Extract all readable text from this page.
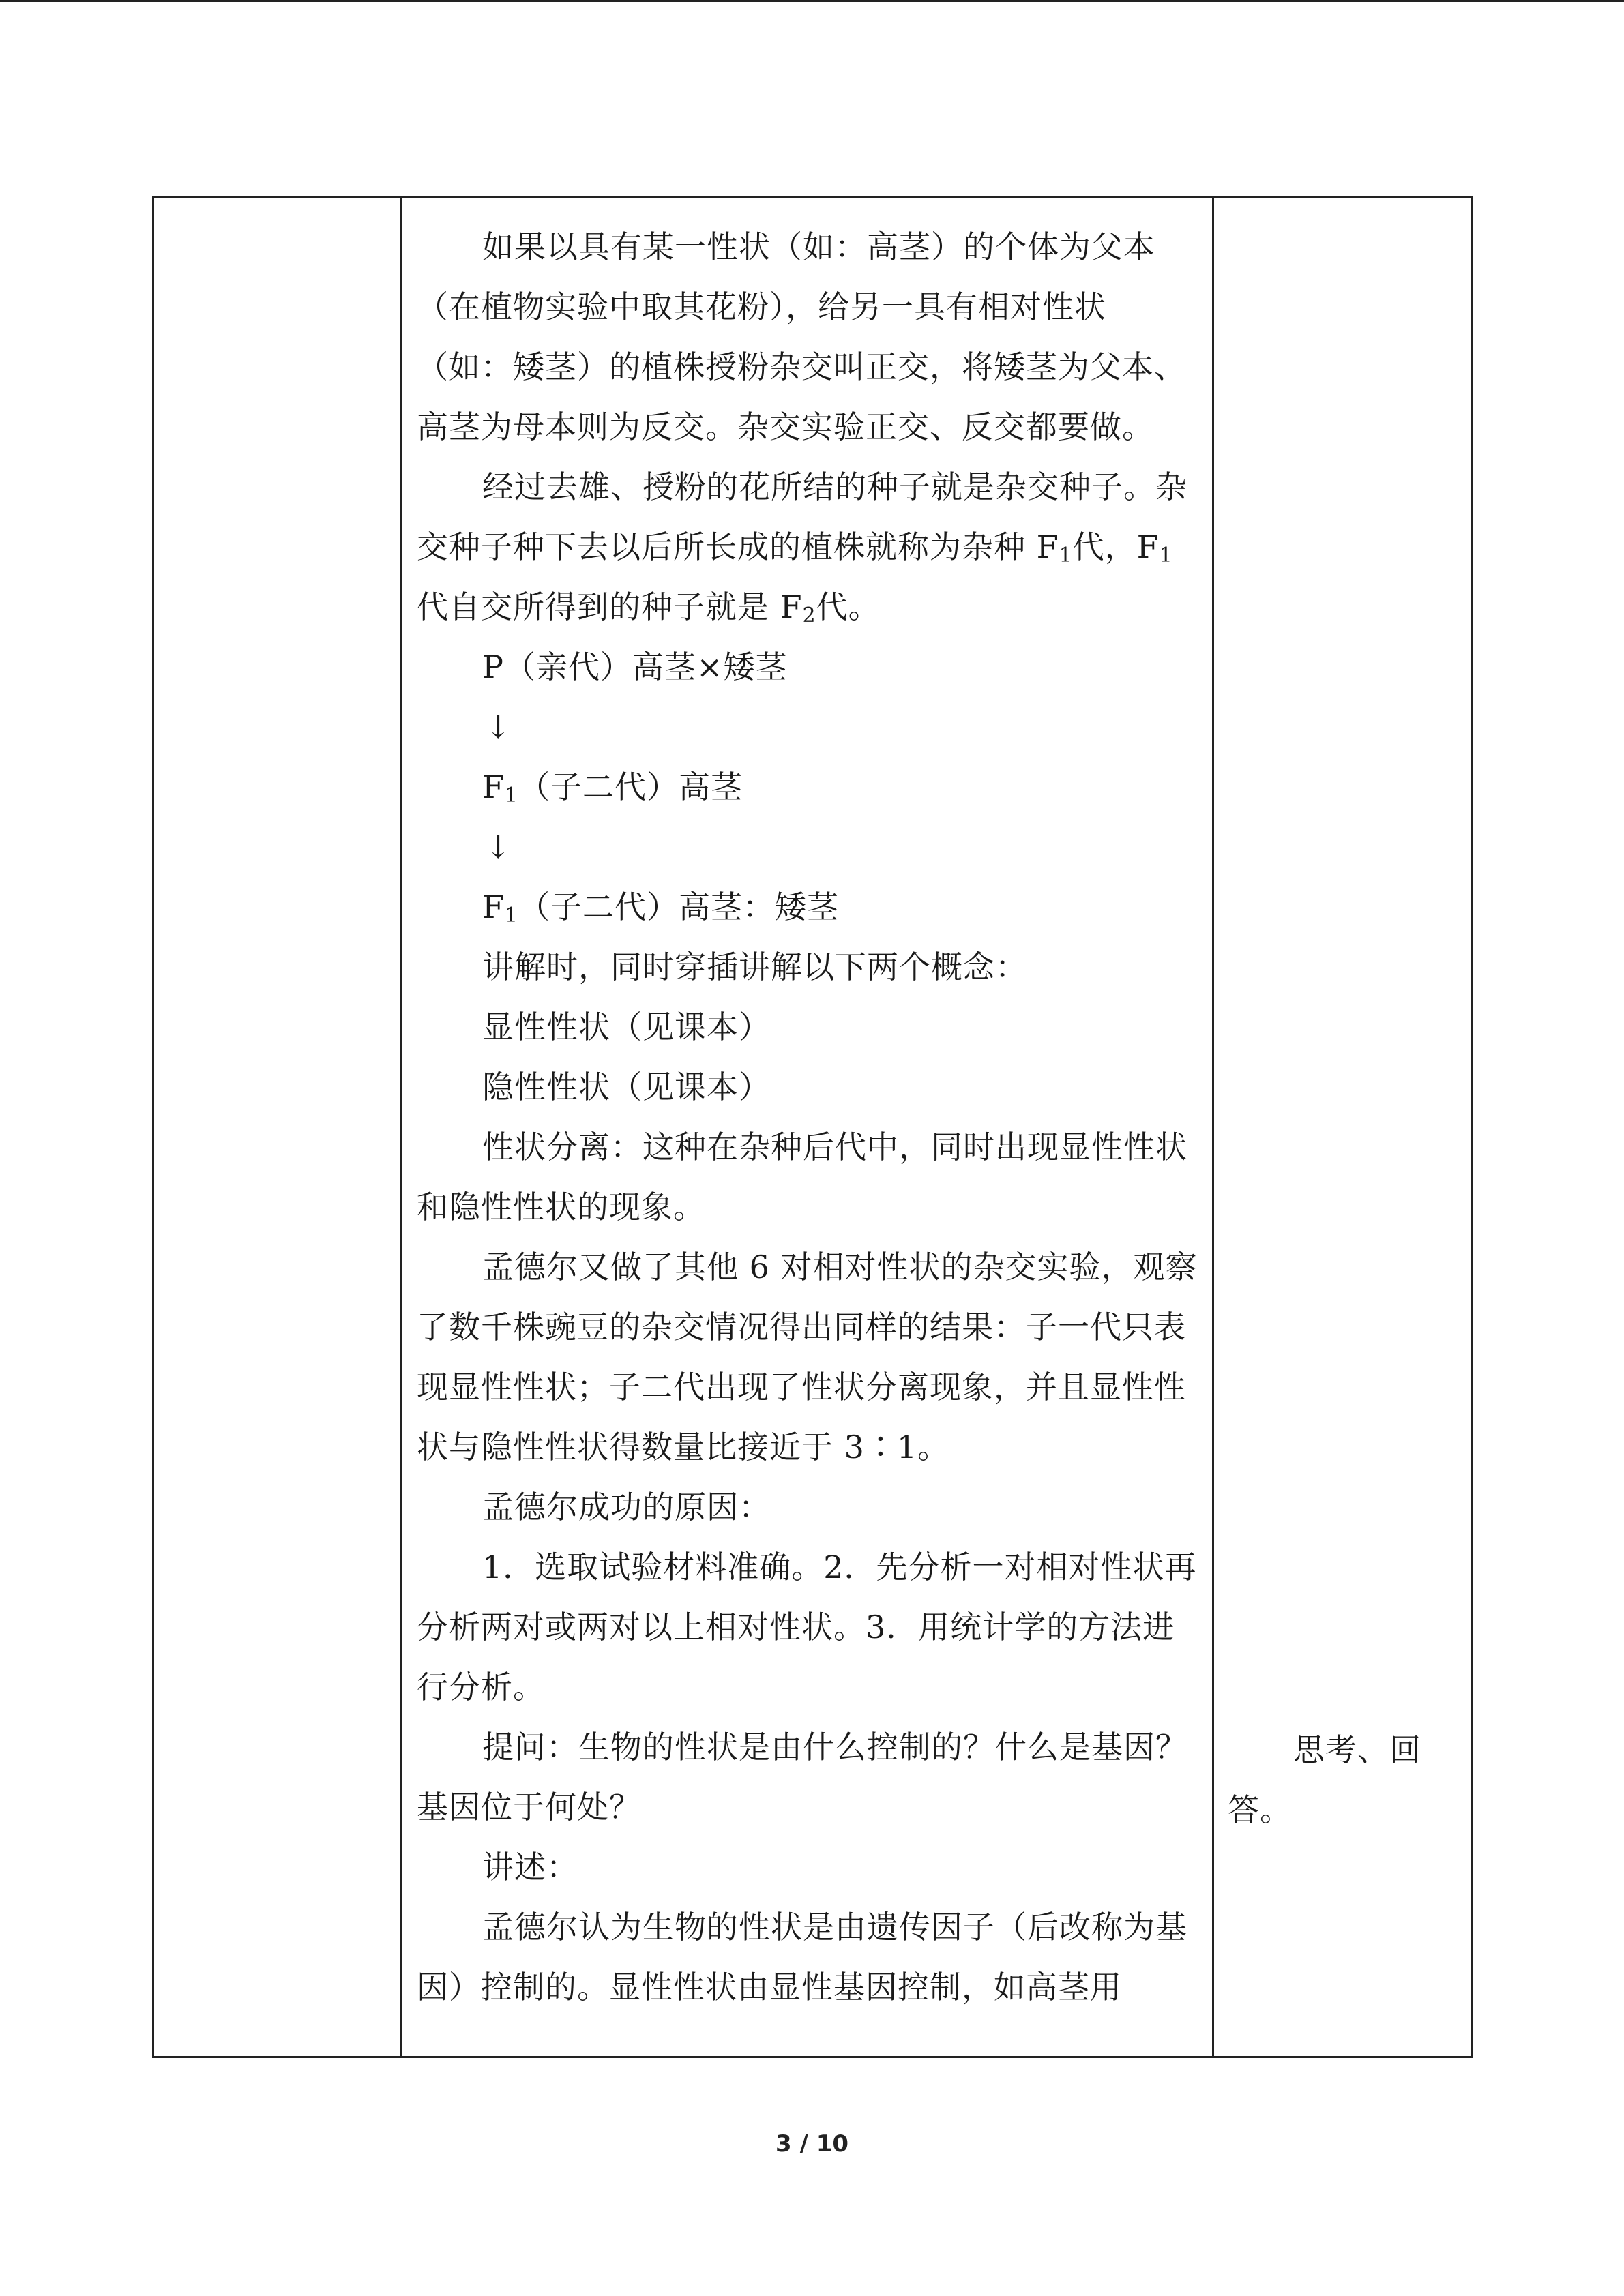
如果以具有某一性状（如：高茎）的个体为父本（在植物实验中取其花粉），给另一具有相对性状（如：矮茎）的植株授粉杂交叫正交，将矮茎为父本、高茎为母本则为反交。杂交实验正交、反交都要做。

经过去雄、授粉的花所结的种子就是杂交种子。杂交种子种下去以后所长成的植株就称为杂种 $F_1$代，$F_1$代自交所得到的种子就是 $F_2$代。

P（亲代）高茎×矮茎

↓

$F_1$（子二代）高茎

↓

$F_1$（子二代）高茎：矮茎

讲解时，同时穿插讲解以下两个概念：

显性性状（见课本）

隐性性状（见课本）

性状分离：这种在杂种后代中，同时出现显性性状和隐性性状的现象。

孟德尔又做了其他 6 对相对性状的杂交实验，观察了数千株豌豆的杂交情况得出同样的结果：子一代只表现显性性状；子二代出现了性状分离现象，并且显性性状与隐性性状得数量比接近于 3∶1。

孟德尔成功的原因：

1．选取试验材料准确。2．先分析一对相对性状再分析两对或两对以上相对性状。3．用统计学的方法进行分析。

提问：生物的性状是由什么控制的？什么是基因？基因位于何处？

讲述：

孟德尔认为生物的性状是由遗传因子（后改称为基因）控制的。显性性状由显性基因控制，如高茎用

思考、回答。

3 / 10
